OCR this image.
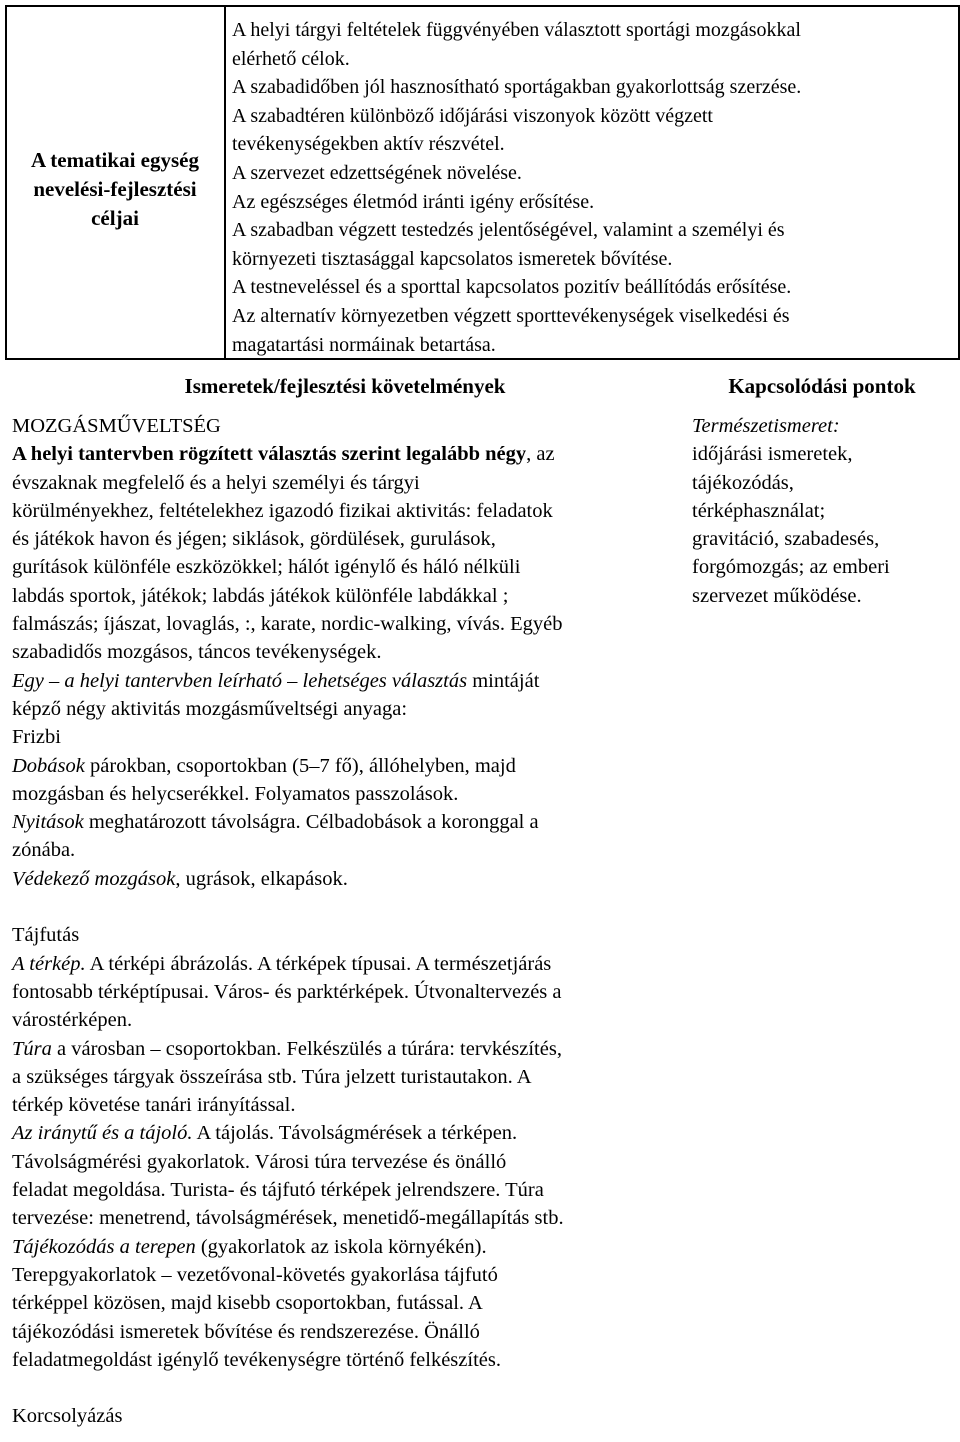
A tematikai egység
nevelési-fejlesztési
céljai
A helyi tárgyi feltételek függvényében választott sportági mozgásokkal
elérhető célok.
A szabadidőben jól hasznosítható sportágakban gyakorlottság szerzése.
A szabadtéren különböző időjárási viszonyok között végzett
tevékenységekben aktív részvétel.
A szervezet edzettségének növelése.
Az egészséges életmód iránti igény erősítése.
A szabadban végzett testedzés jelentőségével, valamint a személyi és
környezeti tisztasággal kapcsolatos ismeretek bővítése.
A testneveléssel és a sporttal kapcsolatos pozitív beállítódás erősítése.
Az alternatív környezetben végzett sporttevékenységek viselkedési és
magatartási normáinak betartása.
Ismeretek/fejlesztési követelmények	Kapcsolódási pontok
MOZGÁSMŰVELTSÉG
A helyi tantervben rögzített választás szerint legalább négy, az
évszaknak megfelelő és a helyi személyi és tárgyi
körülményekhez, feltételekhez igazodó fizikai aktivitás: feladatok
és játékok havon és jégen; siklások, gördülések, gurulások,
gurítások különféle eszközökkel; hálót igénylő és háló nélküli
labdás sportok, játékok; labdás játékok különféle labdákkal ;
falmászás; íjászat, lovaglás, :, karate, nordic-walking, vívás. Egyéb
szabadidős mozgásos, táncos tevékenységek.
Egy – a helyi tantervben leírható – lehetséges választás mintáját
képző négy aktivitás mozgásműveltségi anyaga:
Frizbi
Dobások párokban, csoportokban (5–7 fő), állóhelyben, majd
mozgásban és helycserékkel. Folyamatos passzolások.
Nyitások meghatározott távolságra. Célbadobások a koronggal a
zónába.
Védekező mozgások, ugrások, elkapások.
Tájfutás
A térkép. A térképi ábrázolás. A térképek típusai. A természetjárás
fontosabb térképtípusai. Város- és parktérképek. Útvonaltervezés a
várostérképen.
Túra a városban – csoportokban. Felkészülés a túrára: tervkészítés,
a szükséges tárgyak összeírása stb. Túra jelzett turistautakon. A
térkép követése tanári irányítással.
Az iránytű és a tájoló. A tájolás. Távolságmérések a térképen.
Távolságmérési gyakorlatok. Városi túra tervezése és önálló
feladat megoldása. Turista- és tájfutó térképek jelrendszere. Túra
tervezése: menetrend, távolságmérések, menetidő-megállapítás stb.
Tájékozódás a terepen (gyakorlatok az iskola környékén).
Terepgyakorlatok – vezetővonal-követés gyakorlása tájfutó
térképpel közösen, majd kisebb csoportokban, futással. A
tájékozódási ismeretek bővítése és rendszerezése. Önálló
feladatmegoldást igénylő tevékenységre történő felkészítés.
Korcsolyázás
Természetismeret:
időjárási ismeretek,
tájékozódás,
térképhasználat;
gravitáció, szabadesés,
forgómozgás; az emberi
szervezet működése.
